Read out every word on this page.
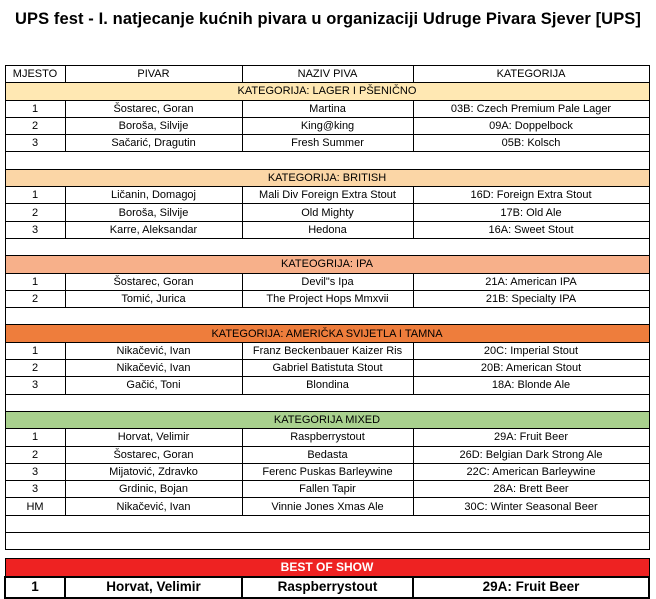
UPS fest - I. natjecanje kućnih pivara u organizaciji Udruge Pivara Sjever [UPS]
MJESTO	PIVAR	NAZIV PIVA	KATEGORIJA
KATEGORIJA: LAGER I PŠENIČNO			
1	Šostarec, Goran	Martina	03B: Czech Premium Pale Lager
2	Boroša, Silvije	King@king	09A: Doppelbock
3	Sačarić, Dragutin	Fresh Summer	05B: Kolsch

KATEGORIJA: BRITISH			
1	Ličanin, Domagoj	Mali Div Foreign Extra Stout	16D: Foreign Extra Stout
2	Boroša, Silvije	Old Mighty	17B: Old Ale
3	Karre, Aleksandar	Hedona	16A: Sweet Stout

KATEOGRIJA: IPA			
1	Šostarec, Goran	Devil"s Ipa	21A: American IPA
2	Tomić, Jurica	The Project Hops Mmxvii	21B: Specialty IPA

KATEGORIJA: AMERIČKA SVIJETLA I TAMNA			
1	Nikačević, Ivan	Franz Beckenbauer Kaizer Ris	20C: Imperial Stout
2	Nikačević, Ivan	Gabriel Batistuta Stout	20B: American Stout
3	Gačić, Toni	Blondina	18A: Blonde Ale

KATEGORIJA MIXED			
1	Horvat, Velimir	Raspberrystout	29A: Fruit Beer
2	Šostarec, Goran	Bedasta	26D: Belgian Dark Strong Ale
3	Mijatović, Zdravko	Ferenc Puskas Barleywine	22C: American Barleywine
3	Grdinic, Bojan	Fallen Tapir	28A: Brett Beer
HM	Nikačević, Ivan	Vinnie Jones Xmas Ale	30C: Winter Seasonal Beer

BEST OF SHOW			
1	Horvat, Velimir	Raspberrystout	29A: Fruit Beer
